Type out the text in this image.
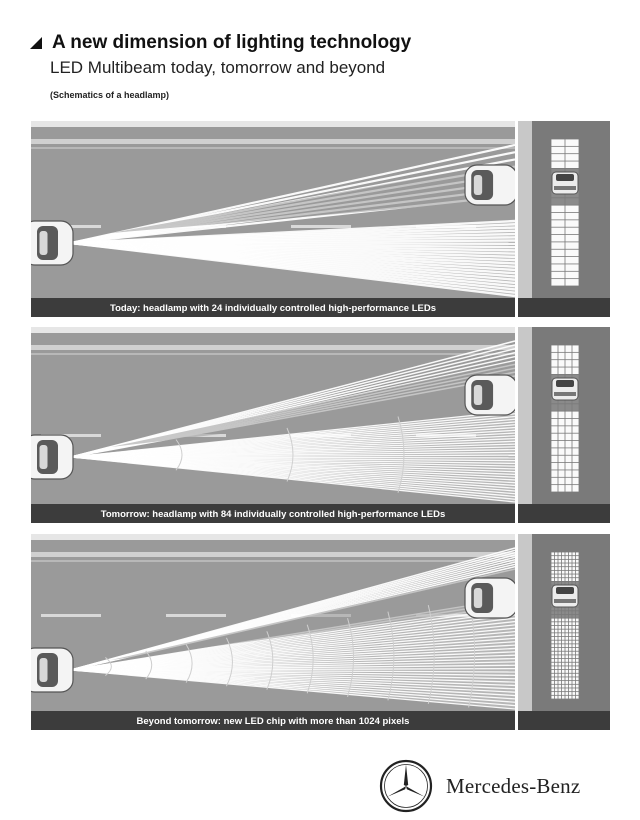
A new dimension of lighting technology
LED Multibeam today, tomorrow and beyond
(Schematics of a headlamp)
Today: headlamp with 24 individually controlled high-performance LEDs
Tomorrow: headlamp with 84 individually controlled high-performance LEDs
Beyond tomorrow: new LED chip with more than 1024 pixels
Mercedes-Benz
